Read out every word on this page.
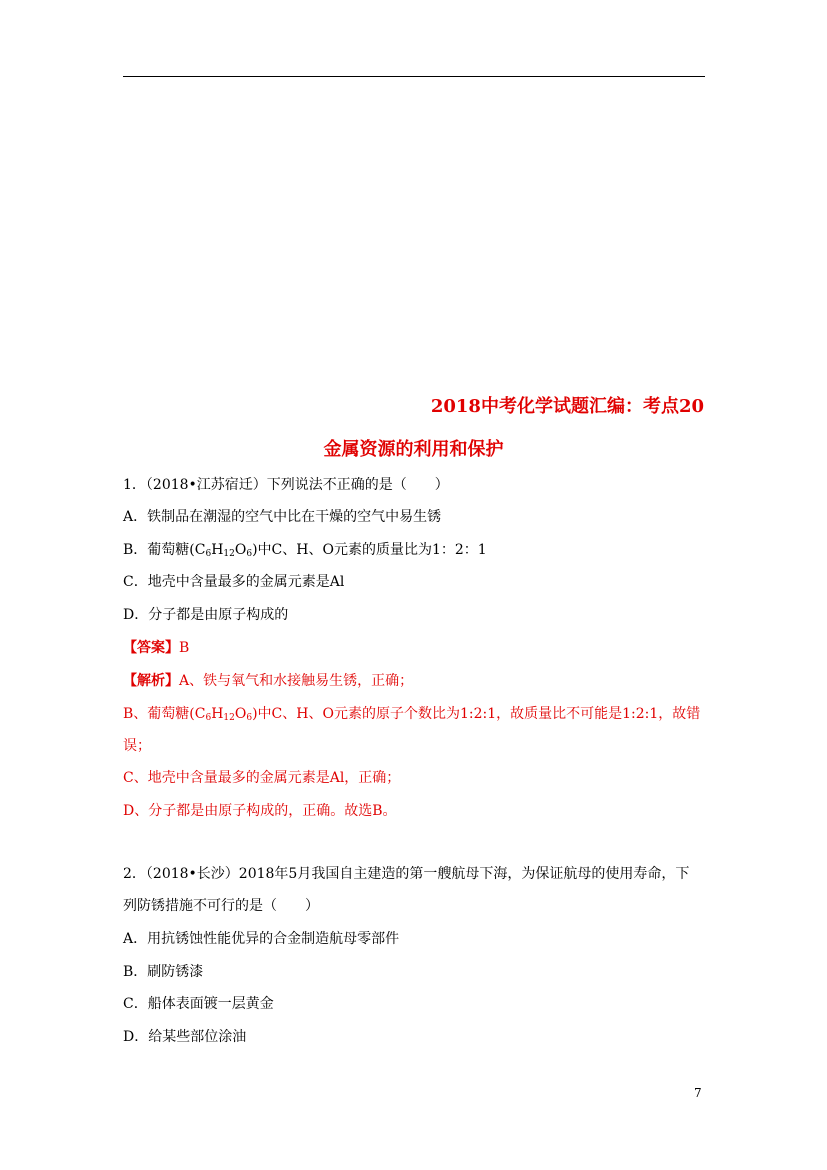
2018中考化学试题汇编：考点20
金属资源的利用和保护
1．（2018•江苏宿迁）下列说法不正确的是（　　）
A．铁制品在潮湿的空气中比在干燥的空气中易生锈
B．葡萄糖$(C_6H_{12}O_6)$中C、H、O元素的质量比为1：2：1
C．地壳中含量最多的金属元素是Al
D．分子都是由原子构成的
【答案】B
【解析】A、铁与氧气和水接触易生锈，正确；
B、葡萄糖$(C_6H_{12}O_6)$中C、H、O元素的原子个数比为1:2:1，故质量比不可能是1:2:1，故错
误；
C、地壳中含量最多的金属元素是Al，正确；
D、分子都是由原子构成的，正确。故选B。
2．（2018•长沙）2018年5月我国自主建造的第一艘航母下海，为保证航母的使用寿命，下
列防锈措施不可行的是（　　）
A．用抗锈蚀性能优异的合金制造航母零部件
B．刷防锈漆
C．船体表面镀一层黄金
D．给某些部位涂油
7
